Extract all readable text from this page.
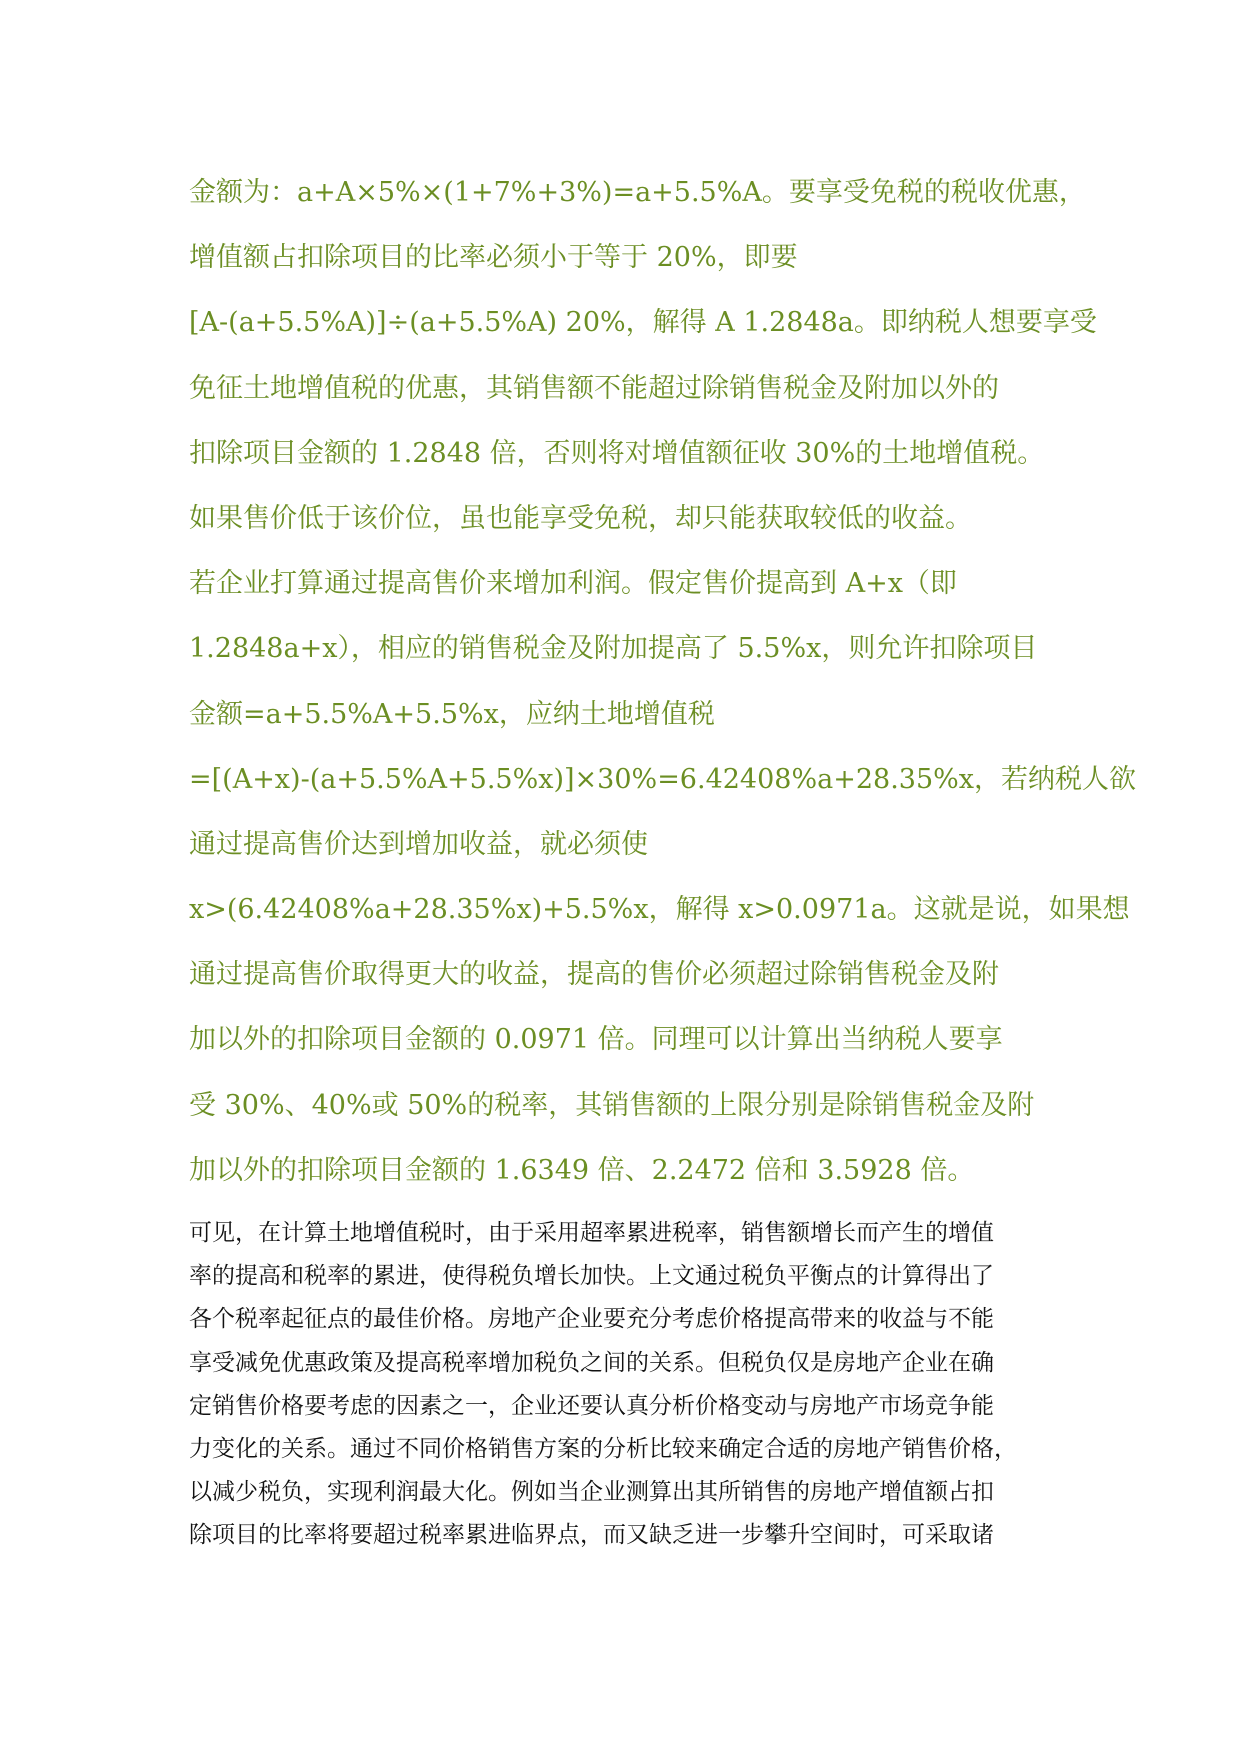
金额为：a+A×5%×(1+7%+3%)=a+5.5%A。要享受免税的税收优惠，
增值额占扣除项目的比率必须小于等于 20%，即要
[A-(a+5.5%A)]÷(a+5.5%A) 20%，解得 A 1.2848a。即纳税人想要享受
免征土地增值税的优惠，其销售额不能超过除销售税金及附加以外的
扣除项目金额的 1.2848 倍，否则将对增值额征收 30%的土地增值税。
如果售价低于该价位，虽也能享受免税，却只能获取较低的收益。
若企业打算通过提高售价来增加利润。假定售价提高到 A+x（即
1.2848a+x），相应的销售税金及附加提高了 5.5%x，则允许扣除项目
金额=a+5.5%A+5.5%x，应纳土地增值税
=[(A+x)-(a+5.5%A+5.5%x)]×30%=6.42408%a+28.35%x，若纳税人欲
通过提高售价达到增加收益，就必须使
x>(6.42408%a+28.35%x)+5.5%x，解得 x>0.0971a。这就是说，如果想
通过提高售价取得更大的收益，提高的售价必须超过除销售税金及附
加以外的扣除项目金额的 0.0971 倍。同理可以计算出当纳税人要享
受 30%、40%或 50%的税率，其销售额的上限分别是除销售税金及附
加以外的扣除项目金额的 1.6349 倍、2.2472 倍和 3.5928 倍。
可见，在计算土地增值税时，由于采用超率累进税率，销售额增长而产生的增值
率的提高和税率的累进，使得税负增长加快。上文通过税负平衡点的计算得出了
各个税率起征点的最佳价格。房地产企业要充分考虑价格提高带来的收益与不能
享受减免优惠政策及提高税率增加税负之间的关系。但税负仅是房地产企业在确
定销售价格要考虑的因素之一，企业还要认真分析价格变动与房地产市场竞争能
力变化的关系。通过不同价格销售方案的分析比较来确定合适的房地产销售价格，
以减少税负，实现利润最大化。例如当企业测算出其所销售的房地产增值额占扣
除项目的比率将要超过税率累进临界点，而又缺乏进一步攀升空间时，可采取诸
